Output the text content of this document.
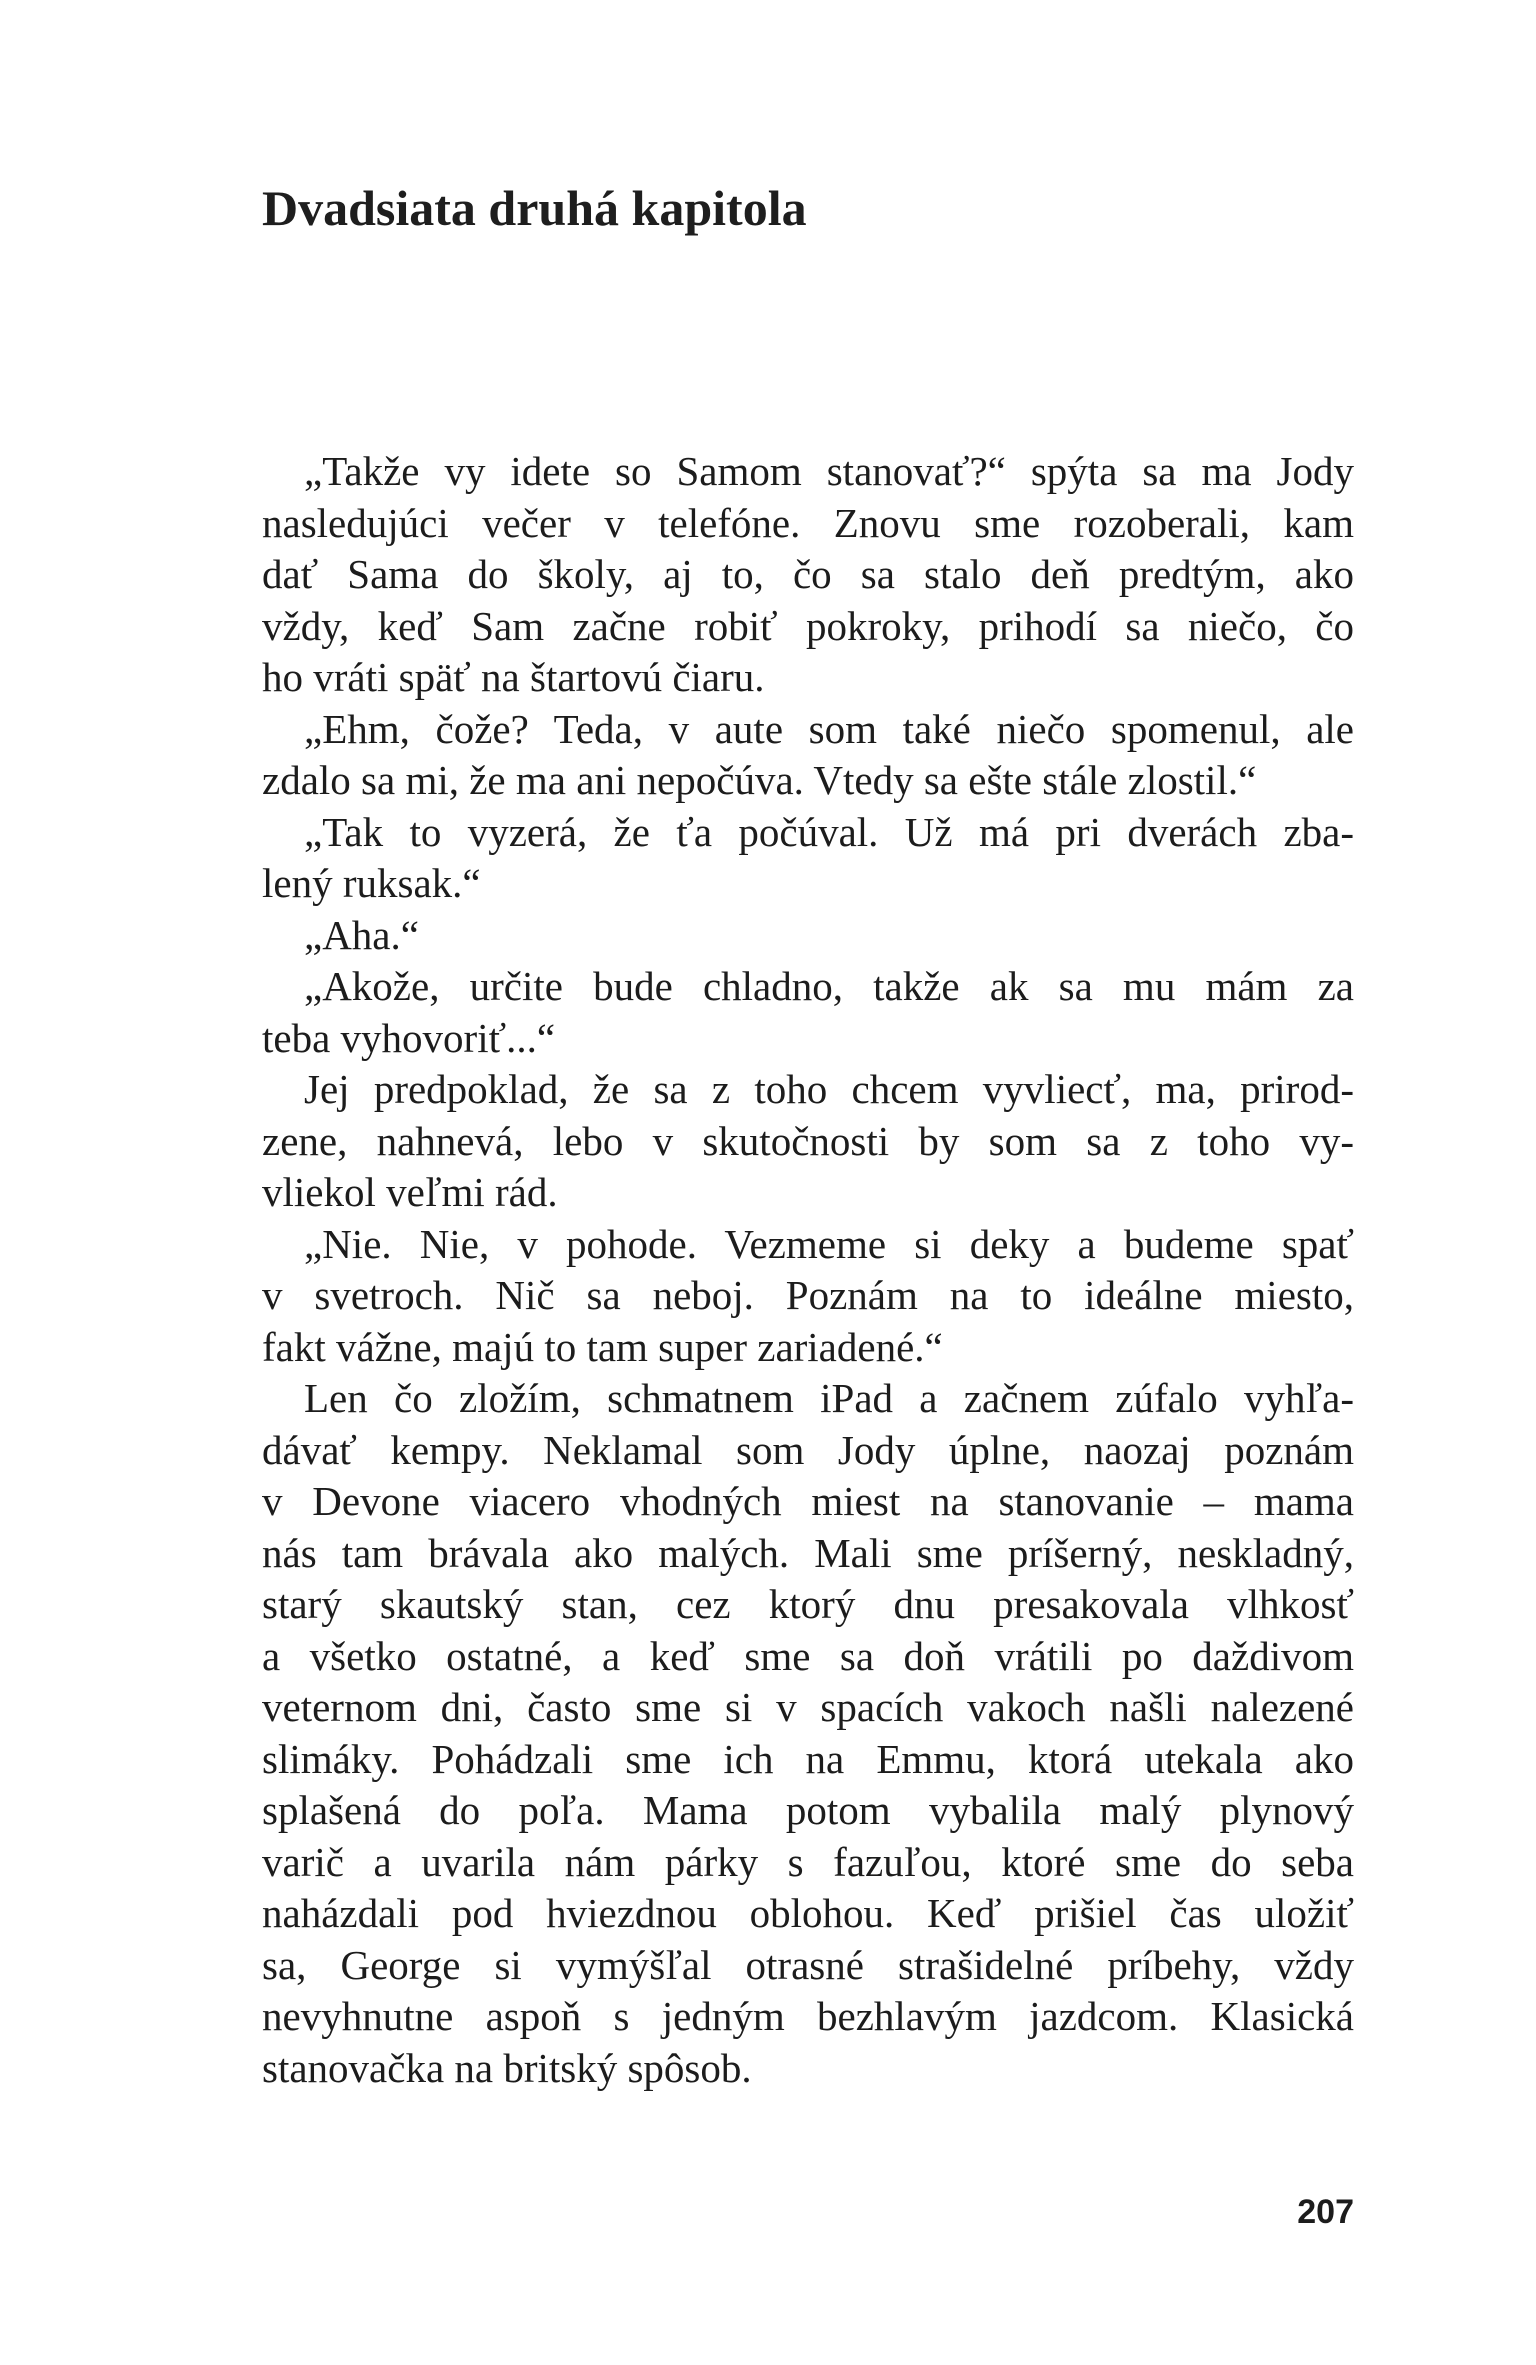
Dvadsiata druhá kapitola
„Takže vy idete so Samom stanovať?“ spýta sa ma Jody
nasledujúci večer v telefóne. Znovu sme rozoberali, kam
dať Sama do školy, aj to, čo sa stalo deň predtým, ako
vždy, keď Sam začne robiť pokroky, prihodí sa niečo, čo
ho vráti späť na štartovú čiaru.
„Ehm, čože? Teda, v aute som také niečo spomenul, ale
zdalo sa mi, že ma ani nepočúva. Vtedy sa ešte stále zlostil.“
„Tak to vyzerá, že ťa počúval. Už má pri dverách zba-
lený ruksak.“
„Aha.“
„Akože, určite bude chladno, takže ak sa mu mám za
teba vyhovoriť...“
Jej predpoklad, že sa z toho chcem vyvliecť, ma, prirod-
zene, nahnevá, lebo v skutočnosti by som sa z toho vy-
vliekol veľmi rád.
„Nie. Nie, v pohode. Vezmeme si deky a budeme spať
v svetroch. Nič sa neboj. Poznám na to ideálne miesto,
fakt vážne, majú to tam super zariadené.“
Len čo zložím, schmatnem iPad a začnem zúfalo vyhľa-
dávať kempy. Neklamal som Jody úplne, naozaj poznám
v Devone viacero vhodných miest na stanovanie – mama
nás tam brávala ako malých. Mali sme príšerný, neskladný,
starý skautský stan, cez ktorý dnu presakovala vlhkosť
a všetko ostatné, a keď sme sa doň vrátili po daždivom
veternom dni, často sme si v spacích vakoch našli nalezené
slimáky. Pohádzali sme ich na Emmu, ktorá utekala ako
splašená do poľa. Mama potom vybalila malý plynový
varič a uvarila nám párky s fazuľou, ktoré sme do seba
naházdali pod hviezdnou oblohou. Keď prišiel čas uložiť
sa, George si vymýšľal otrasné strašidelné príbehy, vždy
nevyhnutne aspoň s jedným bezhlavým jazdcom. Klasická
stanovačka na britský spôsob.
207
